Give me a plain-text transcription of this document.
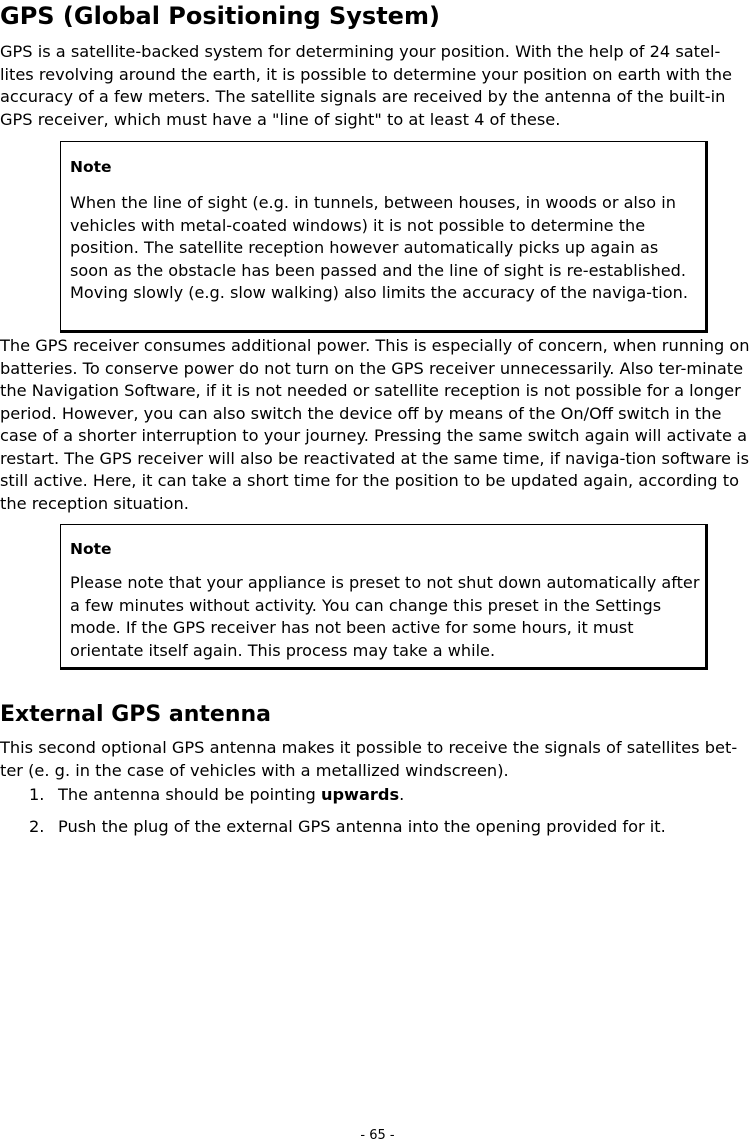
GPS (Global Positioning System)

GPS is a satellite-backed system for determining your position. With the help of 24 satel-lites revolving around the earth, it is possible to determine your position on earth with the accuracy of a few meters. The satellite signals are received by the antenna of the built-in GPS receiver, which must have a "line of sight" to at least 4 of these.

Note
When the line of sight (e.g. in tunnels, between houses, in woods or also in vehicles with metal-coated windows) it is not possible to determine the position. The satellite reception however automatically picks up again as soon as the obstacle has been passed and the line of sight is re-established. Moving slowly (e.g. slow walking) also limits the accuracy of the naviga-tion.

The GPS receiver consumes additional power. This is especially of concern, when running on batteries. To conserve power do not turn on the GPS receiver unnecessarily. Also ter-minate the Navigation Software, if it is not needed or satellite reception is not possible for a longer period. However, you can also switch the device off by means of the On/Off switch in the case of a shorter interruption to your journey. Pressing the same switch again will activate a restart. The GPS receiver will also be reactivated at the same time, if naviga-tion software is still active. Here, it can take a short time for the position to be updated again, according to the reception situation.

Note
Please note that your appliance is preset to not shut down automatically after a few minutes without activity. You can change this preset in the Settings mode. If the GPS receiver has not been active for some hours, it must orientate itself again. This process may take a while.
External GPS antenna

This second optional GPS antenna makes it possible to receive the signals of satellites bet-ter (e. g. in the case of vehicles with a metallized windscreen).

1. The antenna should be pointing upwards.
2. Push the plug of the external GPS antenna into the opening provided for it.
- 65 -
